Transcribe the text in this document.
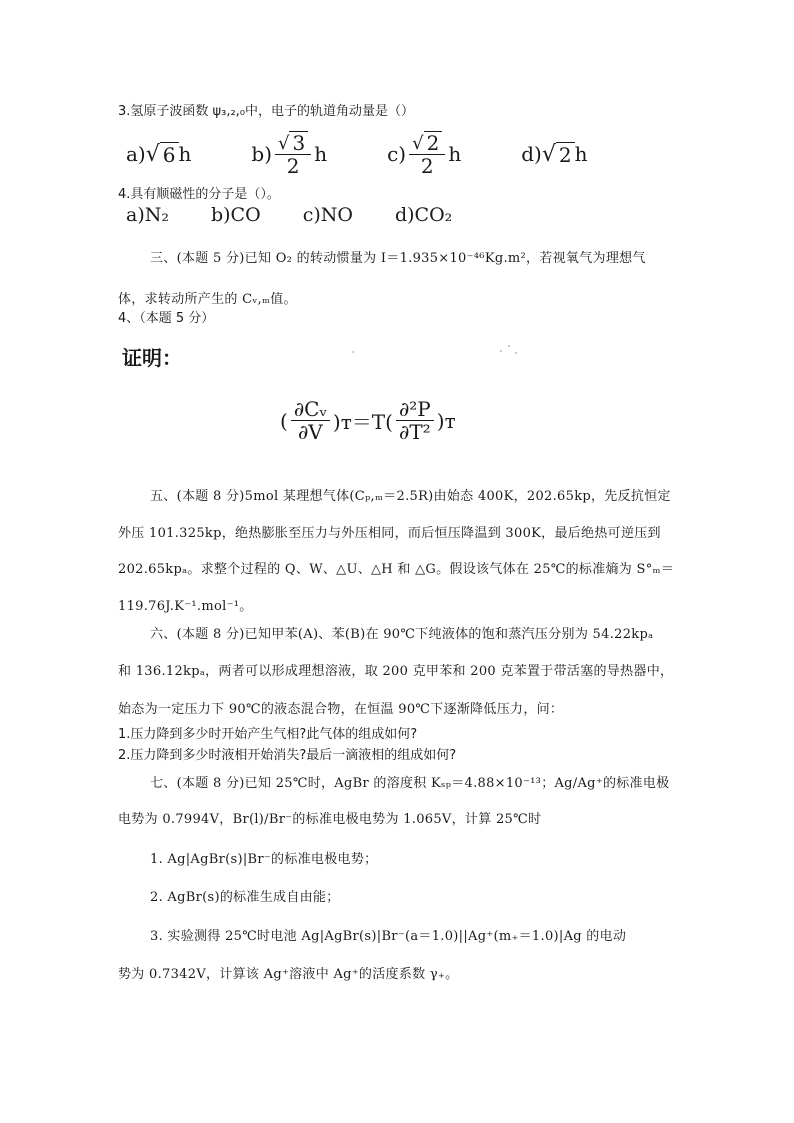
3.氢原子波函数 ψ₃,₂,₀中，电子的轨道角动量是（）
a) √ 6 h	$b) \frac{√ 3}{2}$ h	$c) \frac{√ 2}{2}$ h	d) √ 2 h
4.具有顺磁性的分子是（）。
a)N₂ b)CO c)NO d)CO₂
三、(本题 5 分)已知 O₂ 的转动惯量为 I＝1.935×10⁻⁴⁶Kg.m²，若视氧气为理想气
体，求转动所产生的 Cᵥ,ₘ值。
4、（本题 5 分）
证明：
( $\frac{\text{∂Cᵥ}}{\partial V}$ )ᴛ＝T( $\frac{\text{∂²P}}{\text{∂T²}}$ )ᴛ
五、(本题 8 分)5mol 某理想气体(Cₚ,ₘ＝2.5R)由始态 400K，202.65kp，先反抗恒定
外压 101.325kp，绝热膨胀至压力与外压相同，而后恒压降温到 300K，最后绝热可逆压到
202.65kpₐ。求整个过程的 Q、W、△U、△H 和 △G。假设该气体在 25℃的标准熵为 S°ₘ＝
119.76J.K⁻¹.mol⁻¹。
六、(本题 8 分)已知甲苯(A)、苯(B)在 90℃下纯液体的饱和蒸汽压分别为 54.22kpₐ
和 136.12kpₐ，两者可以形成理想溶液，取 200 克甲苯和 200 克苯置于带活塞的导热器中，
始态为一定压力下 90℃的液态混合物，在恒温 90℃下逐渐降低压力，问：
1.压力降到多少时开始产生气相?此气体的组成如何?
2.压力降到多少时液相开始消失?最后一滴液相的组成如何?
七、(本题 8 分)已知 25℃时，AgBr 的溶度积 Kₛₚ＝4.88×10⁻¹³；Ag/Ag⁺的标准电极
电势为 0.7994V，Br(l)/Br⁻的标准电极电势为 1.065V，计算 25℃时
1. Ag|AgBr(s)|Br⁻的标准电极电势；
2. AgBr(s)的标准生成自由能；
3. 实验测得 25℃时电池 Ag|AgBr(s)|Br⁻(a＝1.0)||Ag⁺(m₊＝1.0)|Ag 的电动
势为 0.7342V，计算该 Ag⁺溶液中 Ag⁺的活度系数 γ₊。
